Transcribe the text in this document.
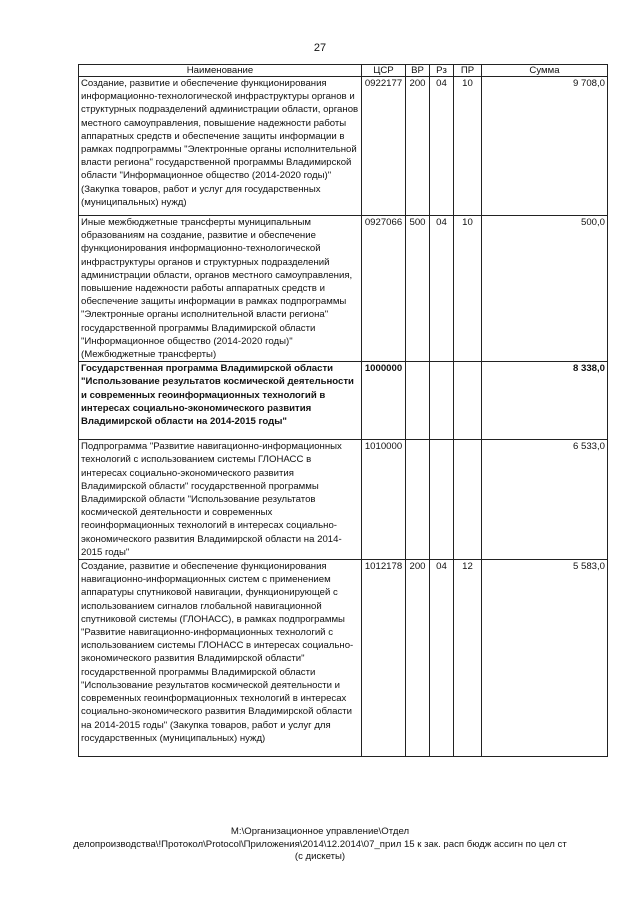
27
Наименование	ЦСР	ВР	Рз	ПР	Сумма
Создание, развитие и обеспечение функционирования информационно-технологической инфраструктуры органов и структурных подразделений администрации области, органов местного самоуправления, повышение надежности работы аппаратных средств и обеспечение защиты информации в рамках подпрограммы "Электронные органы исполнительной власти региона" государственной программы Владимирской области "Информационное общество (2014-2020 годы)" (Закупка товаров, работ и услуг для государственных (муниципальных) нужд)	0922177	200	04	10	9 708,0
Иные межбюджетные трансферты муниципальным образованиям на создание, развитие и обеспечение функционирования информационно-технологической инфраструктуры органов и структурных подразделений администрации области, органов местного самоуправления, повышение надежности работы аппаратных средств и обеспечение защиты информации в рамках подпрограммы "Электронные органы исполнительной власти региона" государственной программы Владимирской области "Информационное общество (2014-2020 годы)" (Межбюджетные трансферты)	0927066	500	04	10	500,0
Государственная программа Владимирской области "Использование результатов космической деятельности и современных геоинформационных технологий в интересах социально-экономического развития Владимирской области на 2014-2015 годы"	1000000				8 338,0
Подпрограмма "Развитие навигационно-информационных технологий с использованием системы ГЛОНАСС в интересах социально-экономического развития Владимирской области" государственной программы Владимирской области "Использование результатов космической деятельности и современных геоинформационных технологий в интересах социально-экономического развития Владимирской области на 2014-2015 годы"	1010000				6 533,0
Создание, развитие и обеспечение функционирования навигационно-информационных систем с применением аппаратуры спутниковой навигации, функционирующей с использованием сигналов глобальной навигационной спутниковой системы (ГЛОНАСС), в рамках подпрограммы "Развитие навигационно-информационных технологий с использованием системы ГЛОНАСС в интересах социально-экономического развития Владимирской области" государственной программы Владимирской области "Использование результатов космической деятельности и современных геоинформационных технологий в интересах социально-экономического развития Владимирской области на 2014-2015 годы" (Закупка товаров, работ и услуг для государственных (муниципальных) нужд)	1012178	200	04	12	5 583,0
M:\Организационное управление\Отдел
делопроизводства\!Протокол\Protocol\Приложения\2014\12.2014\07_прил 15 к зак. расп бюдж ассигн по цел ст
(с дискеты)
